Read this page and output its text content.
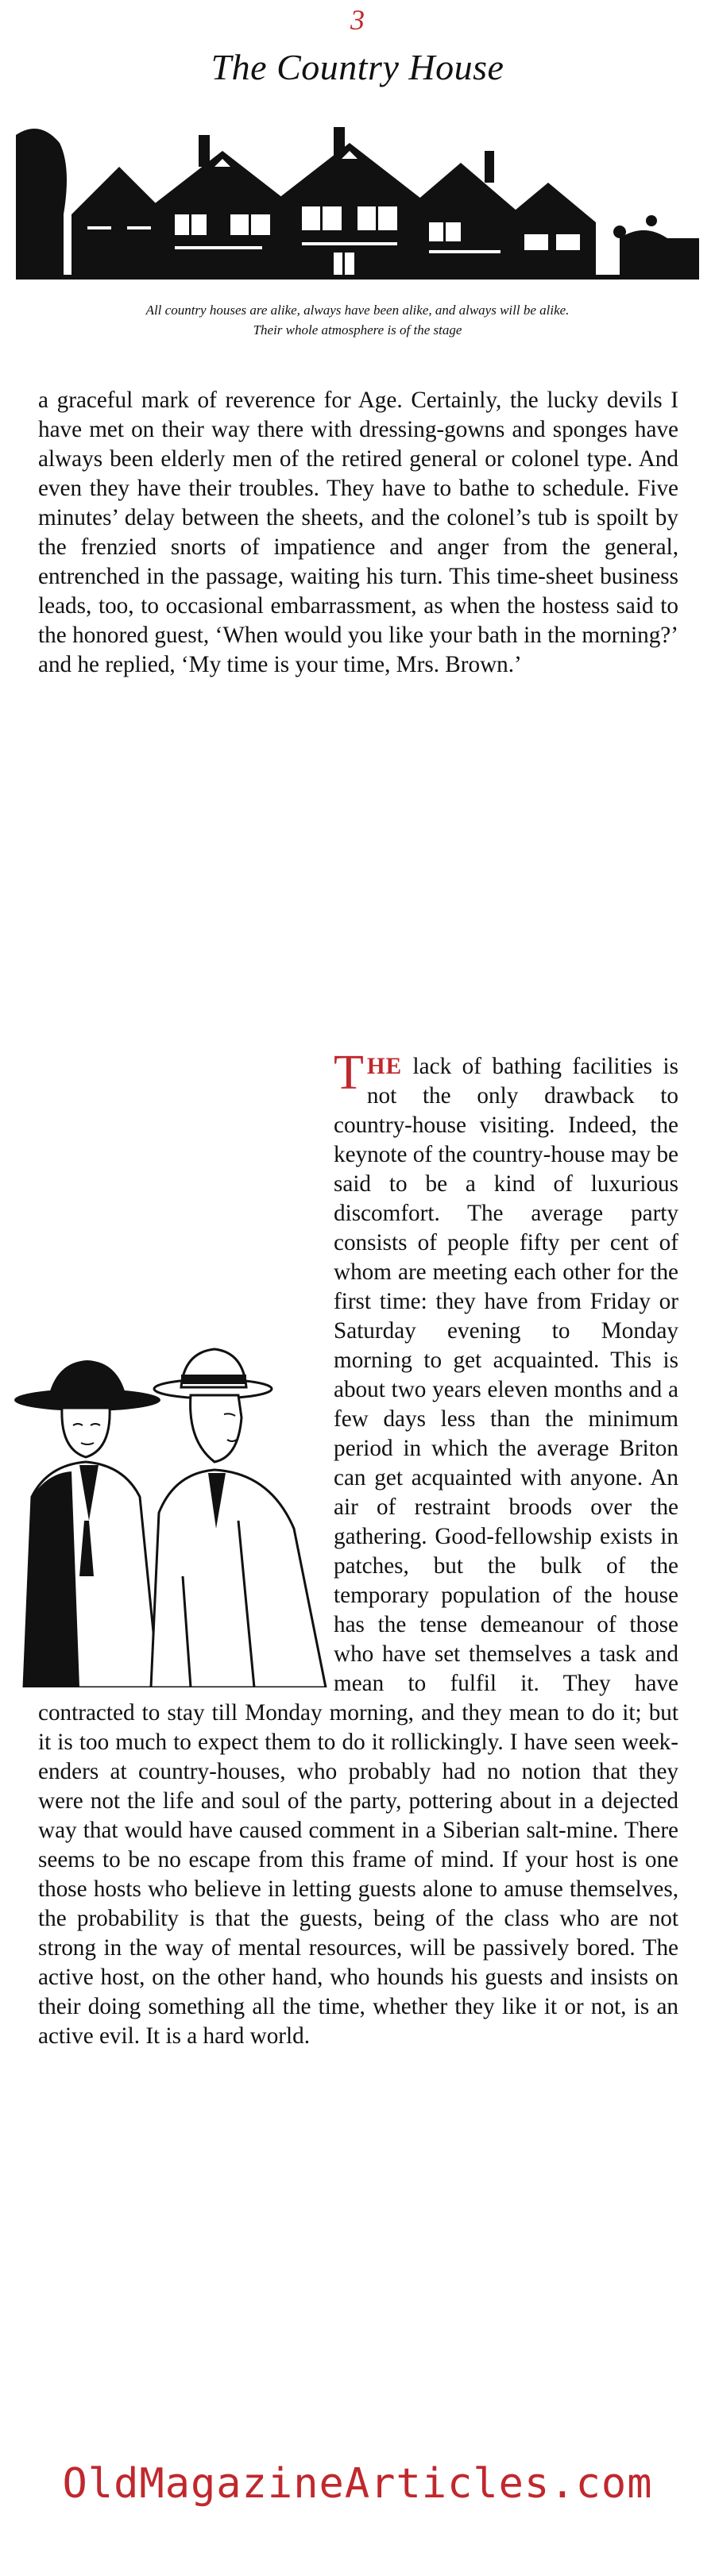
3
The Country House
All country houses are alike, always have been alike, and always will be alike.
Their whole atmosphere is of the stage

a graceful mark of reverence for Age. Certainly, the lucky devils I have met on their way there with dressing-gowns and sponges have always been elderly men of the retired general or colonel type. And even they have their troubles. They have to bathe to schedule. Five minutes’ delay between the sheets, and the colonel’s tub is spoilt by the frenzied snorts of impatience and anger from the general, entrenched in the passage, waiting his turn. This time-sheet business leads, too, to occasional embarrassment, as when the hostess said to the honored guest, ‘When would you like your bath in the morning?’ and he replied, ‘My time is your time, Mrs. Brown.’

THE lack of bathing facilities is not the only drawback to country-house visiting. Indeed, the keynote of the country-house may be said to be a kind of luxurious discomfort. The average party consists of people fifty per cent of whom are meeting each other for the first time: they have from Friday or Saturday evening to Monday morning to get acquainted. This is about two years eleven months and a few days less than the minimum period in which the average Briton can get acquainted with anyone. An air of restraint broods over the gathering. Good-fellowship exists in patches, but the bulk of the temporary population of the house has the tense demeanour of those who have set themselves a task and mean to fulfil it. They have contracted to stay till Monday morning, and they mean to do it; but it is too much to expect them to do it rollickingly. I have seen week-enders at country-houses, who probably had no notion that they were not the life and soul of the party, pottering about in a dejected way that would have caused comment in a Siberian salt-mine. There seems to be no escape from this frame of mind. If your host is one those hosts who believe in letting guests alone to amuse themselves, the probability is that the guests, being of the class who are not strong in the way of mental resources, will be passively bored. The active host, on the other hand, who hounds his guests and insists on their doing something all the time, whether they like it or not, is an active evil. It is a hard world.

OldMagazineArticles.com
